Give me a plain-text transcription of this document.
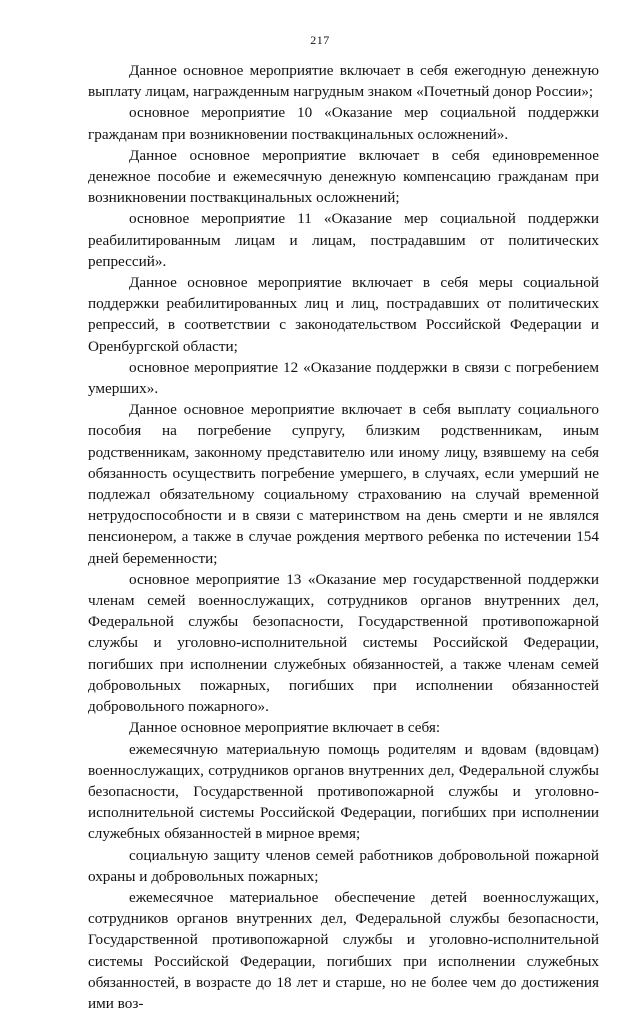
217

Данное основное мероприятие включает в себя ежегодную денежную выплату лицам, награжденным нагрудным знаком «Почетный донор России»;

основное мероприятие 10 «Оказание мер социальной поддержки гражданам при возникновении поствакцинальных осложнений».

Данное основное мероприятие включает в себя единовременное денежное пособие и ежемесячную денежную компенсацию гражданам при возникновении поствакцинальных осложнений;

основное мероприятие 11 «Оказание мер социальной поддержки реабилитированным лицам и лицам, пострадавшим от политических репрессий».

Данное основное мероприятие включает в себя меры социальной поддержки реабилитированных лиц и лиц, пострадавших от политических репрессий, в соответствии с законодательством Российской Федерации и Оренбургской области;

основное мероприятие 12 «Оказание поддержки в связи с погребением умерших».

Данное основное мероприятие включает в себя выплату социального пособия на погребение супругу, близким родственникам, иным родственникам, законному представителю или иному лицу, взявшему на себя обязанность осуществить погребение умершего, в случаях, если умерший не подлежал обязательному социальному страхованию на случай временной нетрудоспособности и в связи с материнством на день смерти и не являлся пенсионером, а также в случае рождения мертвого ребенка по истечении 154 дней беременности;

основное мероприятие 13 «Оказание мер государственной поддержки членам семей военнослужащих, сотрудников органов внутренних дел, Федеральной службы безопасности, Государственной противопожарной службы и уголовно-исполнительной системы Российской Федерации, погибших при исполнении служебных обязанностей, а также членам семей добровольных пожарных, погибших при исполнении обязанностей добровольного пожарного».

Данное основное мероприятие включает в себя:

ежемесячную материальную помощь родителям и вдовам (вдовцам) военнослужащих, сотрудников органов внутренних дел, Федеральной службы безопасности, Государственной противопожарной службы и уголовно-исполнительной системы Российской Федерации, погибших при исполнении служебных обязанностей в мирное время;

социальную защиту членов семей работников добровольной пожарной охраны и добровольных пожарных;

ежемесячное материальное обеспечение детей военнослужащих, сотрудников органов внутренних дел, Федеральной службы безопасности, Государственной противопожарной службы и уголовно-исполнительной системы Российской Федерации, погибших при исполнении служебных обязанностей, в возрасте до 18 лет и старше, но не более чем до достижения ими воз-
